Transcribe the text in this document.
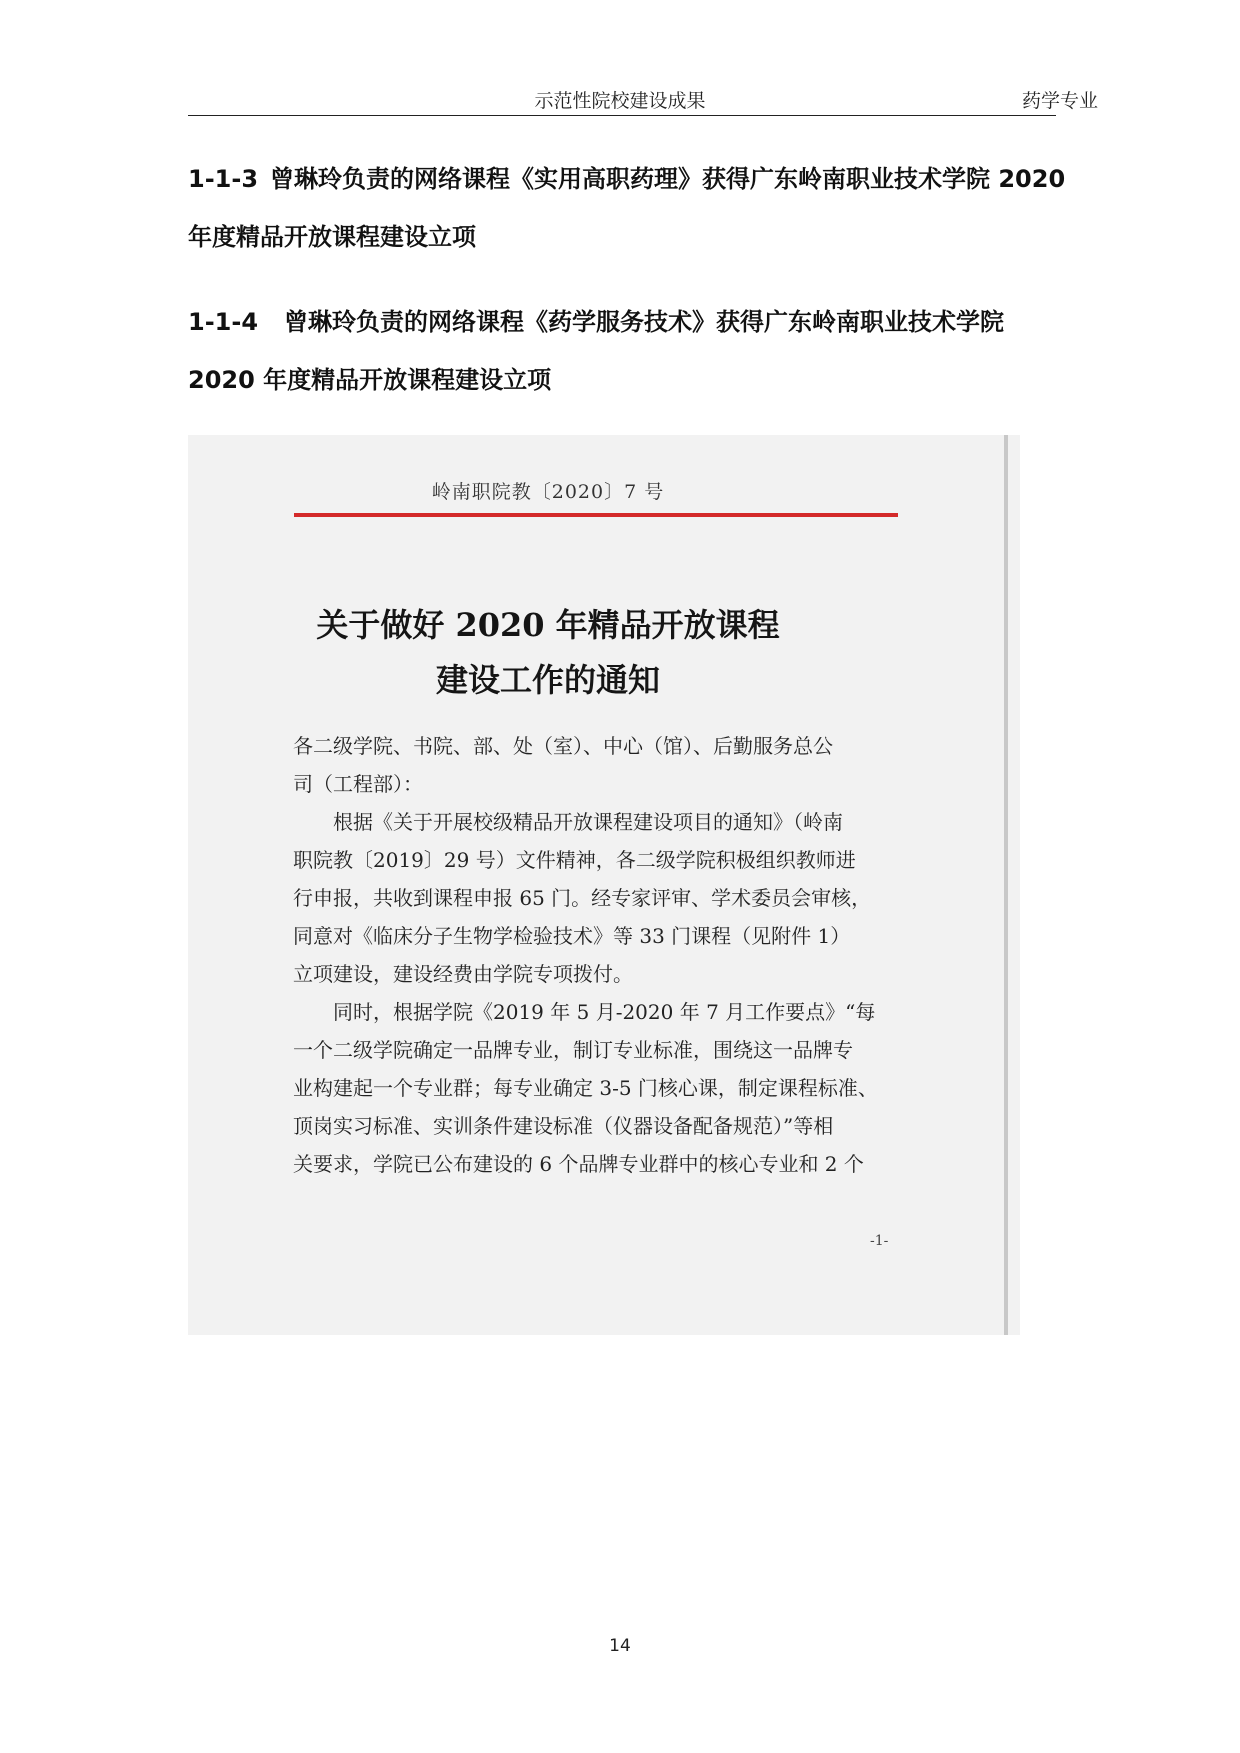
示范性院校建设成果	药学专业
1-1-3 曾琳玲负责的网络课程《实用高职药理》获得广东岭南职业技术学院 2020
年度精品开放课程建设立项
1-1-4 曾琳玲负责的网络课程《药学服务技术》获得广东岭南职业技术学院
2020 年度精品开放课程建设立项
岭南职院教〔2020〕7 号
关于做好 2020 年精品开放课程
建设工作的通知

各二级学院、书院、部、处（室）、中心（馆）、后勤服务总公

司（工程部）：

根据《关于开展校级精品开放课程建设项目的通知》（岭南

职院教〔2019〕29 号）文件精神，各二级学院积极组织教师进

行申报，共收到课程申报 65 门。经专家评审、学术委员会审核，

同意对《临床分子生物学检验技术》等 33 门课程（见附件 1）

立项建设，建设经费由学院专项拨付。

同时，根据学院《2019 年 5 月-2020 年 7 月工作要点》“每

一个二级学院确定一品牌专业，制订专业标准，围绕这一品牌专

业构建起一个专业群；每专业确定 3-5 门核心课，制定课程标准、

顶岗实习标准、实训条件建设标准（仪器设备配备规范）”等相

关要求，学院已公布建设的 6 个品牌专业群中的核心专业和 2 个

-1-
14
